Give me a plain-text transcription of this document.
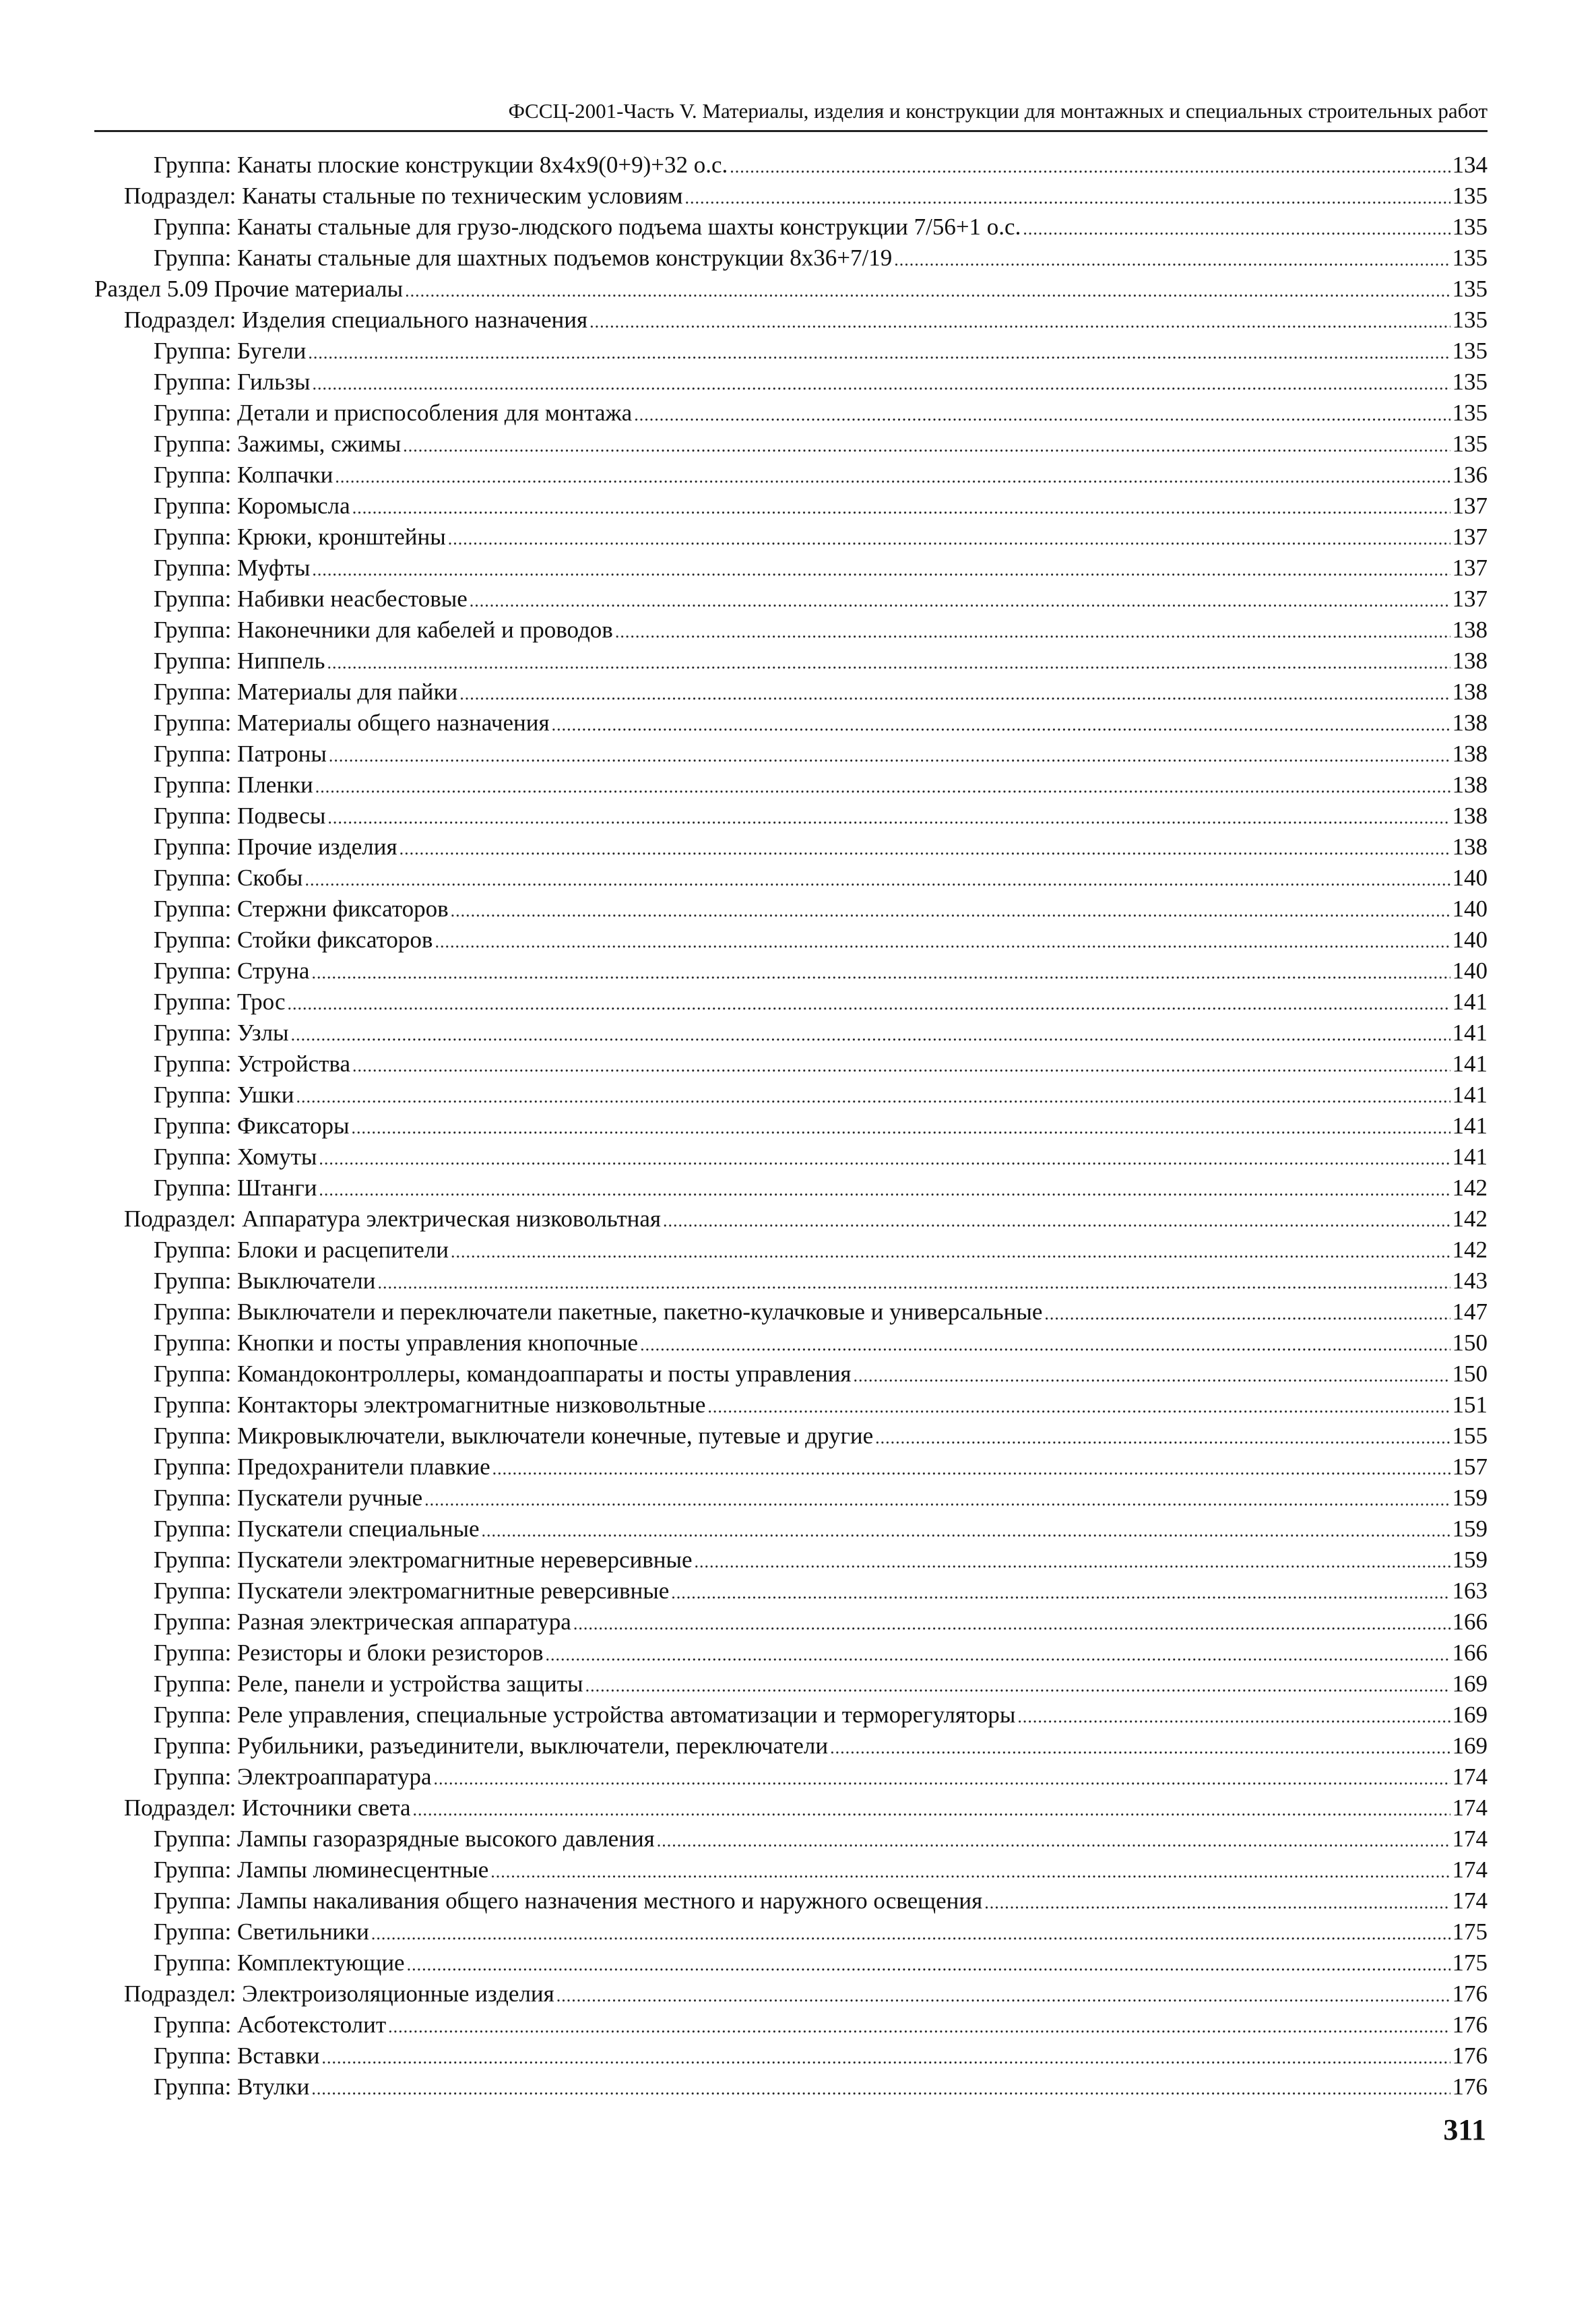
ФССЦ-2001-Часть V. Материалы, изделия и конструкции для монтажных и специальных строительных работ
Группа: Канаты плоские конструкции 8х4х9(0+9)+32 о.с. .....	134
Подраздел: Канаты стальные по техническим условиям .....	135
Группа: Канаты стальные для грузо-людского подъема шахты конструкции 7/56+1 о.с. .....	135
Группа: Канаты стальные для шахтных подъемов конструкции 8х36+7/19 .....	135
Раздел 5.09 Прочие материалы .....	135
Подраздел: Изделия специального назначения .....	135
Группа: Бугели .....	135
Группа: Гильзы .....	135
Группа: Детали и приспособления для монтажа .....	135
Группа: Зажимы, сжимы .....	135
Группа: Колпачки .....	136
Группа: Коромысла .....	137
Группа: Крюки, кронштейны .....	137
Группа: Муфты .....	137
Группа: Набивки неасбестовые .....	137
Группа: Наконечники для кабелей и проводов .....	138
Группа: Ниппель .....	138
Группа: Материалы для пайки .....	138
Группа: Материалы общего назначения .....	138
Группа: Патроны .....	138
Группа: Пленки .....	138
Группа: Подвесы .....	138
Группа: Прочие изделия .....	138
Группа: Скобы .....	140
Группа: Стержни фиксаторов .....	140
Группа: Стойки фиксаторов .....	140
Группа: Струна .....	140
Группа: Трос .....	141
Группа: Узлы .....	141
Группа: Устройства .....	141
Группа: Ушки .....	141
Группа: Фиксаторы .....	141
Группа: Хомуты .....	141
Группа: Штанги .....	142
Подраздел: Аппаратура электрическая низковольтная .....	142
Группа: Блоки и расцепители .....	142
Группа: Выключатели .....	143
Группа: Выключатели и переключатели пакетные, пакетно-кулачковые и универсальные .....	147
Группа: Кнопки и посты управления кнопочные .....	150
Группа: Командоконтроллеры, командоаппараты и посты управления .....	150
Группа: Контакторы электромагнитные низковольтные .....	151
Группа: Микровыключатели, выключатели конечные, путевые и другие .....	155
Группа: Предохранители плавкие .....	157
Группа: Пускатели ручные .....	159
Группа: Пускатели специальные .....	159
Группа: Пускатели электромагнитные нереверсивные .....	159
Группа: Пускатели электромагнитные реверсивные .....	163
Группа: Разная электрическая аппаратура .....	166
Группа: Резисторы и блоки резисторов .....	166
Группа: Реле, панели и устройства защиты .....	169
Группа: Реле управления, специальные устройства автоматизации и терморегуляторы .....	169
Группа: Рубильники, разъединители, выключатели, переключатели .....	169
Группа: Электроаппаратура .....	174
Подраздел: Источники света .....	174
Группа: Лампы газоразрядные высокого давления .....	174
Группа: Лампы люминесцентные .....	174
Группа: Лампы накаливания общего назначения местного и наружного освещения .....	174
Группа: Светильники .....	175
Группа: Комплектующие .....	175
Подраздел: Электроизоляционные изделия .....	176
Группа: Асботекстолит .....	176
Группа: Вставки .....	176
Группа: Втулки .....	176
311
